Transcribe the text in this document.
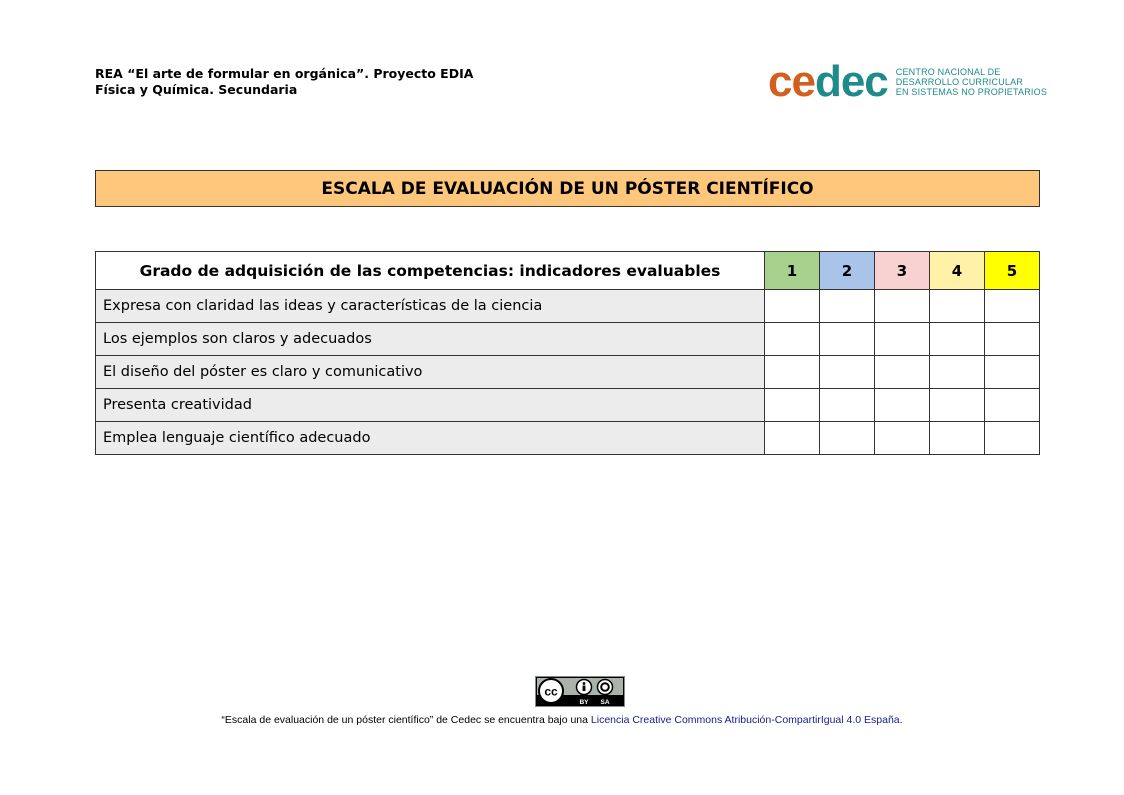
REA “El arte de formular en orgánica”. Proyecto EDIA
Física y Química. Secundaria	cedec CENTRO NACIONAL DE
DESARROLLO CURRICULAR
EN SISTEMAS NO PROPIETARIOS
ESCALA DE EVALUACIÓN DE UN PÓSTER CIENTÍFICO
Grado de adquisición de las competencias: indicadores evaluables	1	2	3	4	5
Expresa con claridad las ideas y características de la ciencia					
Los ejemplos son claros y adecuados					
El diseño del póster es claro y comunicativo					
Presenta creatividad					
Emplea lenguaje científico adecuado					
cc
BY SA
“Escala de evaluación de un póster científico” de Cedec se encuentra bajo una Licencia Creative Commons Atribución-CompartirIgual 4.0 España.
